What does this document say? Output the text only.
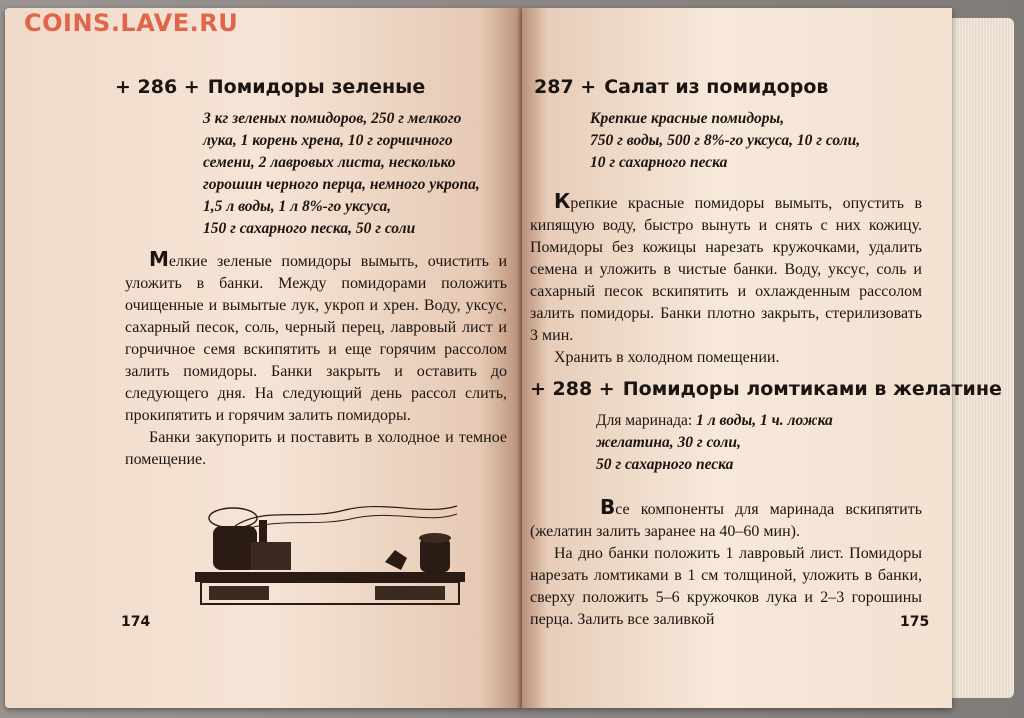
+ 286 + Помидоры зеленые
3 кг зеленых помидоров, 250 г мелкого
лука, 1 корень хрена, 10 г горчичного
семени, 2 лавровых листа, несколько
горошин черного перца, немного укропа,
1,5 л воды, 1 л 8%-го уксуса,
150 г сахарного песка, 50 г соли

Мелкие зеленые помидоры вымыть, очистить и уложить в банки. Между помидорами положить очищенные и вымытые лук, укроп и хрен. Воду, уксус, сахарный песок, соль, черный перец, лавровый лист и горчичное семя вскипятить и еще горячим рассолом залить помидоры. Банки закрыть и оставить до следующего дня. На следующий день рассол слить, прокипятить и горячим залить помидоры.

Банки закупорить и поставить в холодное и темное помещение.

174
287 + Салат из помидоров
Крепкие красные помидоры,
750 г воды, 500 г 8%-го уксуса, 10 г соли,
10 г сахарного песка

Крепкие красные помидоры вымыть, опустить в кипящую воду, быстро вынуть и снять с них кожицу. Помидоры без кожицы нарезать кружочками, удалить семена и уложить в чистые банки. Воду, уксус, соль и сахарный песок вскипятить и охлажденным рассолом залить помидоры. Банки плотно закрыть, стерилизовать 3 мин.

Хранить в холодном помещении.

+ 288 + Помидоры ломтиками в желатине
Для маринада: 1 л воды, 1 ч. ложка
желатина, 30 г соли,
50 г сахарного песка

Все компоненты для маринада вскипятить (желатин залить заранее на 40–60 мин).

На дно банки положить 1 лавровый лист. Помидоры нарезать ломтиками в 1 см толщиной, уложить в банки, сверху положить 5–6 кружочков лука и 2–3 горошины перца. Залить все заливкой	175
COINS.LAVE.RU
